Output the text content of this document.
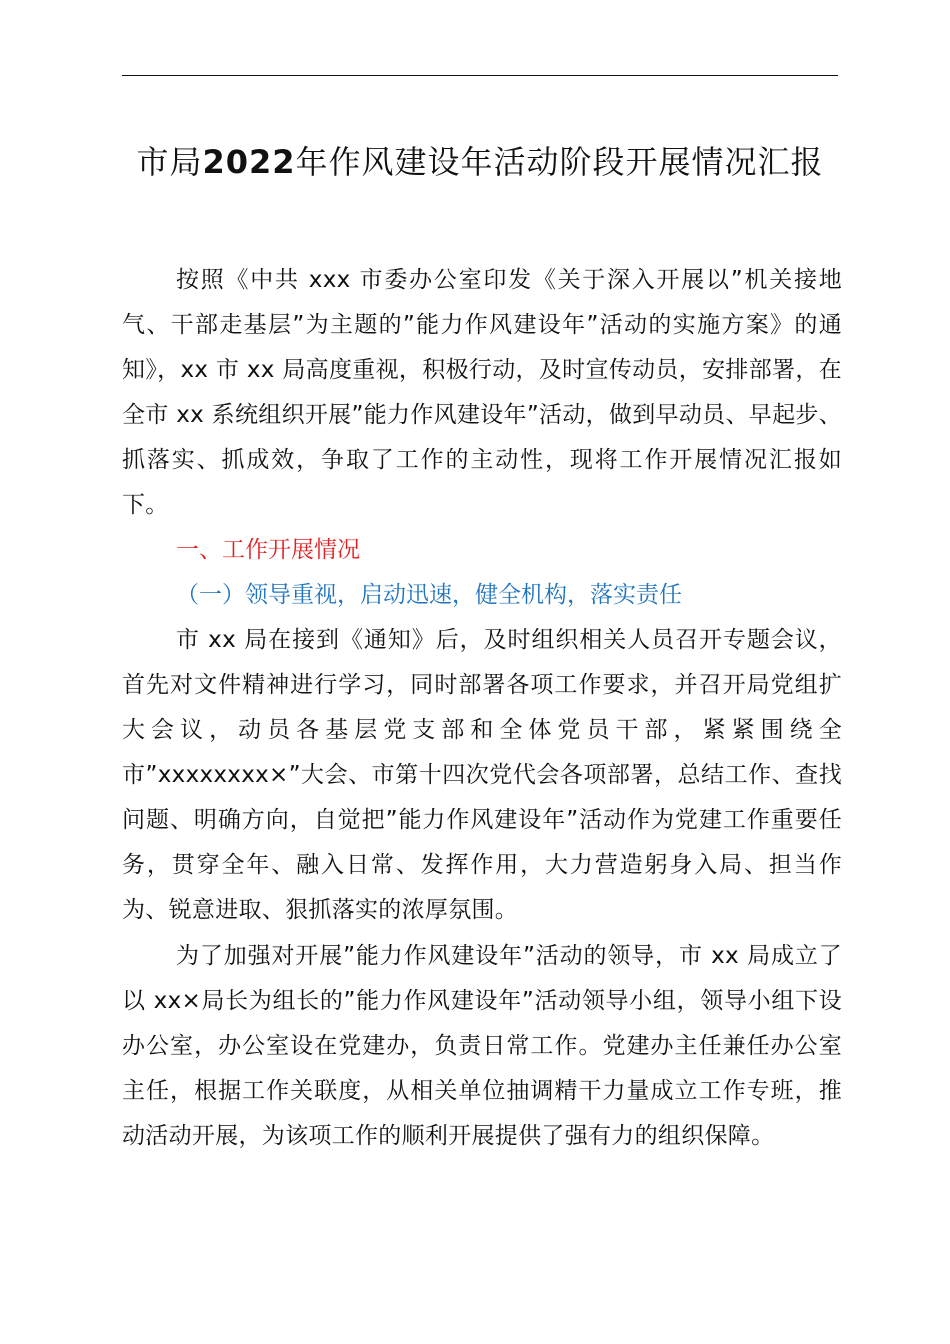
市局2022年作风建设年活动阶段开展情况汇报

按照《中共 xxx 市委办公室印发《关于深入开展以”机关接地气、干部走基层”为主题的”能力作风建设年”活动的实施方案》的通知》，xx 市 xx 局高度重视，积极行动，及时宣传动员，安排部署，在全市 xx 系统组织开展”能力作风建设年”活动，做到早动员、早起步、抓落实、抓成效，争取了工作的主动性，现将工作开展情况汇报如下。

一、工作开展情况

（一）领导重视，启动迅速，健全机构，落实责任

市 xx 局在接到《通知》后，及时组织相关人员召开专题会议，首先对文件精神进行学习，同时部署各项工作要求，并召开局党组扩大会议，动员各基层党支部和全体党员干部，紧紧围绕全市”xxxxxxxx×”大会、市第十四次党代会各项部署，总结工作、查找问题、明确方向，自觉把”能力作风建设年”活动作为党建工作重要任务，贯穿全年、融入日常、发挥作用，大力营造躬身入局、担当作为、锐意进取、狠抓落实的浓厚氛围。

为了加强对开展”能力作风建设年”活动的领导，市 xx 局成立了以 xx×局长为组长的”能力作风建设年”活动领导小组，领导小组下设办公室，办公室设在党建办，负责日常工作。党建办主任兼任办公室主任，根据工作关联度，从相关单位抽调精干力量成立工作专班，推动活动开展，为该项工作的顺利开展提供了强有力的组织保障。
